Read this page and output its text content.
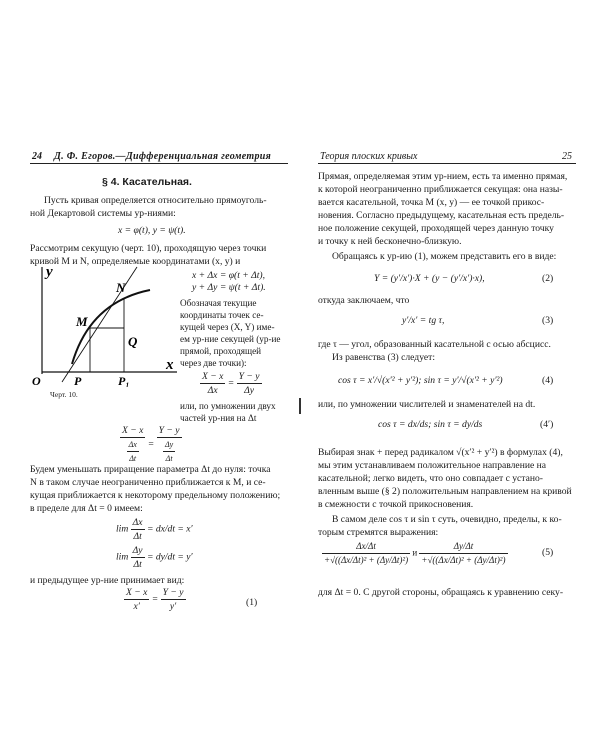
24 Д. Ф. Егоров.—Дифференциальная геометрия
§ 4. Касательная.
Пусть кривая определяется относительно прямоуголь-
ной Декартовой системы ур-ниями:
x = φ(t), y = ψ(t).
Рассмотрим секущую (черт. 10), проходящую через точки
кривой M и N, определяемые координатами (x, y) и
x + Δx = φ(t + Δt),
y + Δy = ψ(t + Δt).
y
x
O	P	P₁
M
N
Q
Обозначая текущие
координаты точек се-
кущей через (X, Y) име-
ем ур-ние секущей (ур-ие
прямой, проходящей
через две точки):
$\frac{X - x}{\Delta x} = \frac{Y - y}{\Delta y}$
Черт. 10.
или, по умножении двух
частей ур-ния на Δt
$\frac{X - x}{\frac{\Delta x}{\Delta t}} = \frac{Y - y}{\frac{\Delta y}{\Delta t}}$
Будем уменьшать приращение параметра Δt до нуля: точка
N в таком случае неограниченно приближается к M, и се-
кущая приближается к некоторому предельному положению;
в пределе для Δt = 0 имеем:
$\lim \frac{\Delta x}{\Delta t} = dx/dt = x'$
$\lim \frac{\Delta y}{\Delta t} = dy/dt = y'$
и предыдущее ур-ние принимает вид:
$\frac{X - x}{x'} = \frac{Y - y}{y'}$	(1)
Теория плоских кривых	25
Прямая, определяемая этим ур-нием, есть та именно прямая,
к которой неограниченно приближается секущая: она назы-
вается касательной, точка M (x, y) — ее точкой прикос-
новения. Согласно предыдущему, касательная есть предель-
ное положение секущей, проходящей через данную точку
и точку к ней бесконечно-близкую.
Обращаясь к ур-ию (1), можем представить его в виде:
Y = (y′/x′)·X + (y − (y′/x′)·x),	(2)
откуда заключаем, что
y′/x′ = tg τ,	(3)
где τ — угол, образованный касательной с осью абсцисс.
Из равенства (3) следует:
cos τ = x′/√(x′² + y′²); sin τ = y′/√(x′² + y′²)	(4)
или, по умножении числителей и знаменателей на dt.
cos τ = dx/ds; sin τ = dy/ds	(4′)
Выбирая знак + перед радикалом √(x′² + y′²) в формулах (4),
мы этим устанавливаем положительное направление на
касательной; легко видеть, что оно совпадает с устано-
вленным выше (§ 2) положительным направлением на кривой
в смежности с точкой прикосновения.
В самом деле cos τ и sin τ суть, очевидно, пределы, к ко-
торым стремятся выражения:
$\frac{\Delta x/\Delta t}{\text{+√((Δx/Δt)² + (Δy/Δt)²)}}$ и $\frac{\Delta y/\Delta t}{\text{+√((Δx/Δt)² + (Δy/Δt)²)}}$	(5)
для Δt = 0. С другой стороны, обращаясь к уравнению секу-
